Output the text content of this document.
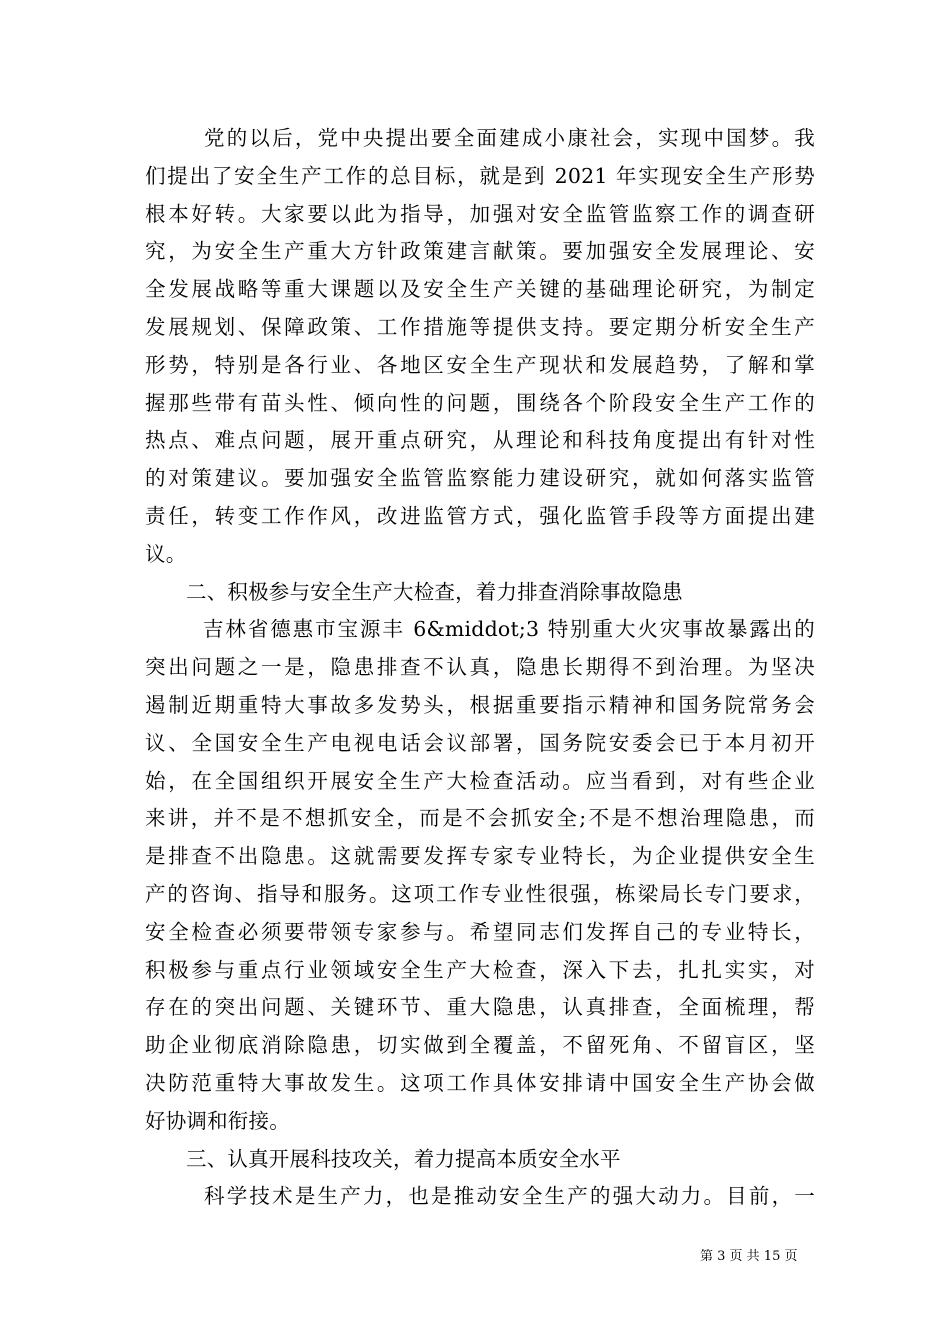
党的以后，党中央提出要全面建成小康社会，实现中国梦。我
们提出了安全生产工作的总目标，就是到 2021 年实现安全生产形势
根本好转。大家要以此为指导，加强对安全监管监察工作的调查研
究，为安全生产重大方针政策建言献策。要加强安全发展理论、安
全发展战略等重大课题以及安全生产关键的基础理论研究，为制定
发展规划、保障政策、工作措施等提供支持。要定期分析安全生产
形势，特别是各行业、各地区安全生产现状和发展趋势，了解和掌
握那些带有苗头性、倾向性的问题，围绕各个阶段安全生产工作的
热点、难点问题，展开重点研究，从理论和科技角度提出有针对性
的对策建议。要加强安全监管监察能力建设研究，就如何落实监管
责任，转变工作作风，改进监管方式，强化监管手段等方面提出建
议。
二、积极参与安全生产大检查，着力排查消除事故隐患
吉林省德惠市宝源丰 6&middot;3 特别重大火灾事故暴露出的
突出问题之一是，隐患排查不认真，隐患长期得不到治理。为坚决
遏制近期重特大事故多发势头，根据重要指示精神和国务院常务会
议、全国安全生产电视电话会议部署，国务院安委会已于本月初开
始，在全国组织开展安全生产大检查活动。应当看到，对有些企业
来讲，并不是不想抓安全，而是不会抓安全;不是不想治理隐患，而
是排查不出隐患。这就需要发挥专家专业特长，为企业提供安全生
产的咨询、指导和服务。这项工作专业性很强，栋梁局长专门要求，
安全检查必须要带领专家参与。希望同志们发挥自己的专业特长，
积极参与重点行业领域安全生产大检查，深入下去，扎扎实实，对
存在的突出问题、关键环节、重大隐患，认真排查，全面梳理，帮
助企业彻底消除隐患，切实做到全覆盖，不留死角、不留盲区，坚
决防范重特大事故发生。这项工作具体安排请中国安全生产协会做
好协调和衔接。
三、认真开展科技攻关，着力提高本质安全水平
科学技术是生产力，也是推动安全生产的强大动力。目前，一
第 3 页 共 15 页
